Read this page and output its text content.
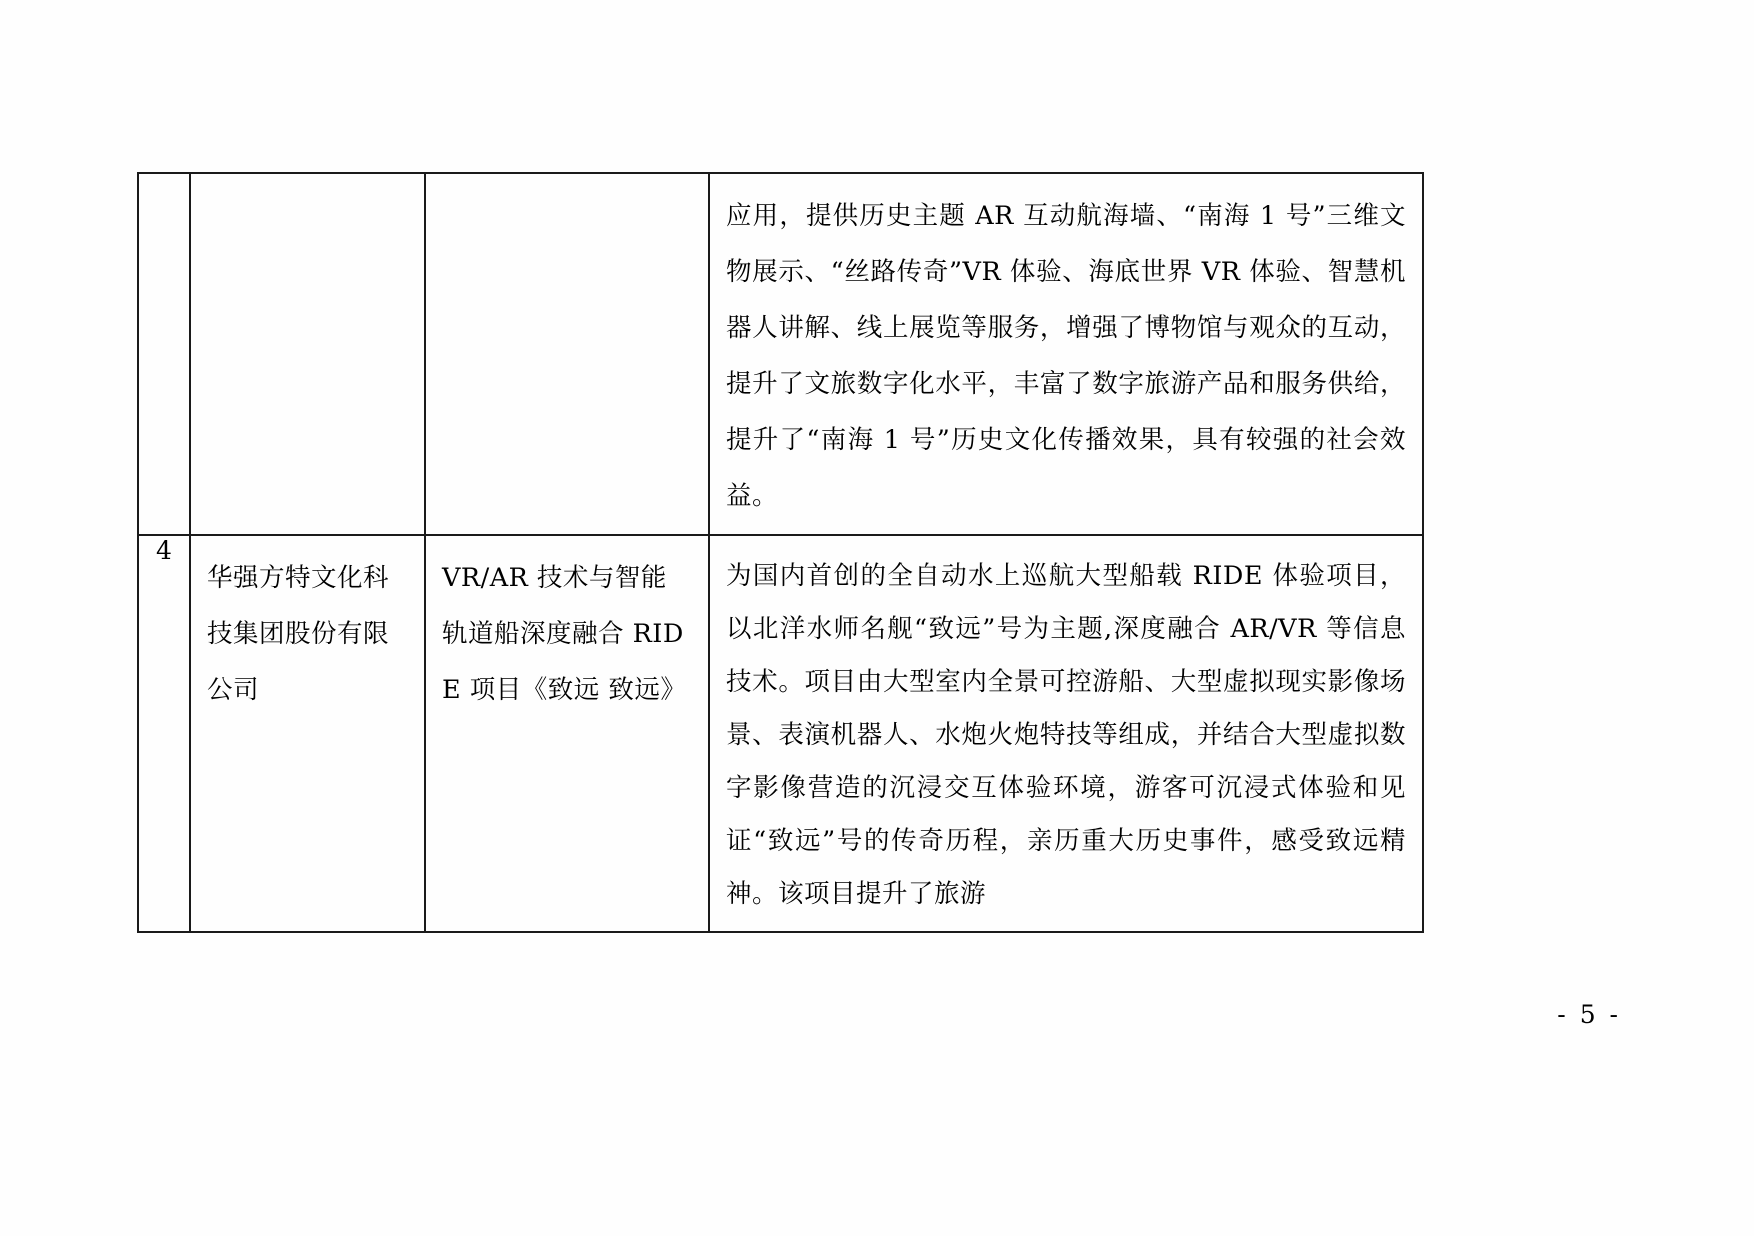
			应用，提供历史主题 AR 互动航海墙、“南海 1 号”三维文物展示、“丝路传奇”VR 体验、海底世界 VR 体验、智慧机器人讲解、线上展览等服务，增强了博物馆与观众的互动，提升了文旅数字化水平，丰富了数字旅游产品和服务供给，提升了“南海 1 号”历史文化传播效果，具有较强的社会效益。

4	华强方特文化科技集团股份有限公司	VR/AR 技术与智能轨道船深度融合 RIDE 项目《致远 致远》	为国内首创的全自动水上巡航大型船载 RIDE 体验项目，以北洋水师名舰“致远”号为主题,深度融合 AR/VR 等信息技术。项目由大型室内全景可控游船、大型虚拟现实影像场景、表演机器人、水炮火炮特技等组成，并结合大型虚拟数字影像营造的沉浸交互体验环境，游客可沉浸式体验和见证“致远”号的传奇历程，亲历重大历史事件，感受致远精神。该项目提升了旅游
- 5 -
